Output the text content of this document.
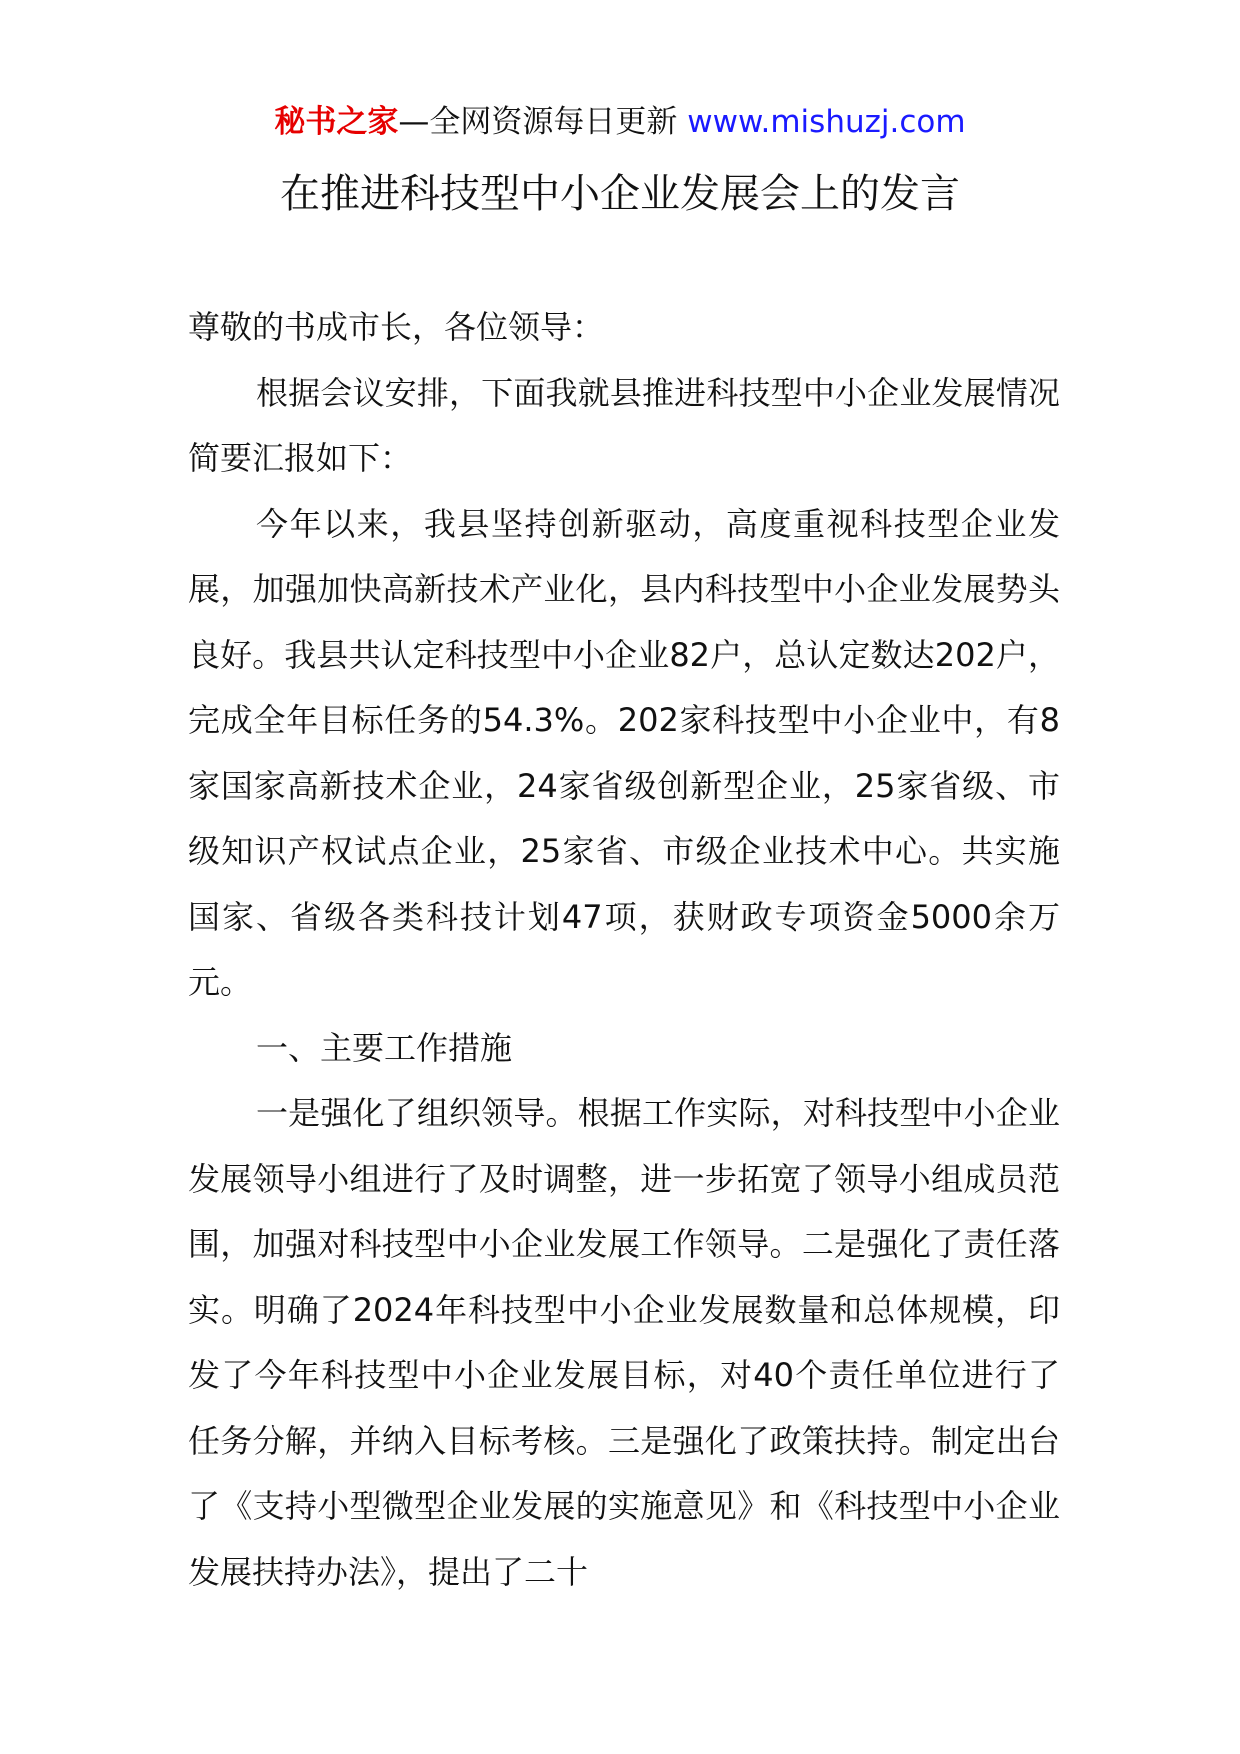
秘书之家—全网资源每日更新 www.mishuzj.com
在推进科技型中小企业发展会上的发言

尊敬的书成市长，各位领导：

根据会议安排，下面我就县推进科技型中小企业发展情况简要汇报如下：

今年以来，我县坚持创新驱动，高度重视科技型企业发展，加强加快高新技术产业化，县内科技型中小企业发展势头良好。我县共认定科技型中小企业82户，总认定数达202户，完成全年目标任务的54.3%。202家科技型中小企业中，有8家国家高新技术企业，24家省级创新型企业，25家省级、市级知识产权试点企业，25家省、市级企业技术中心。共实施国家、省级各类科技计划47项，获财政专项资金5000余万元。

一、主要工作措施

一是强化了组织领导。根据工作实际，对科技型中小企业发展领导小组进行了及时调整，进一步拓宽了领导小组成员范围，加强对科技型中小企业发展工作领导。二是强化了责任落实。明确了2024年科技型中小企业发展数量和总体规模，印发了今年科技型中小企业发展目标，对40个责任单位进行了任务分解，并纳入目标考核。三是强化了政策扶持。制定出台了《支持小型微型企业发展的实施意见》和《科技型中小企业发展扶持办法》，提出了二十
